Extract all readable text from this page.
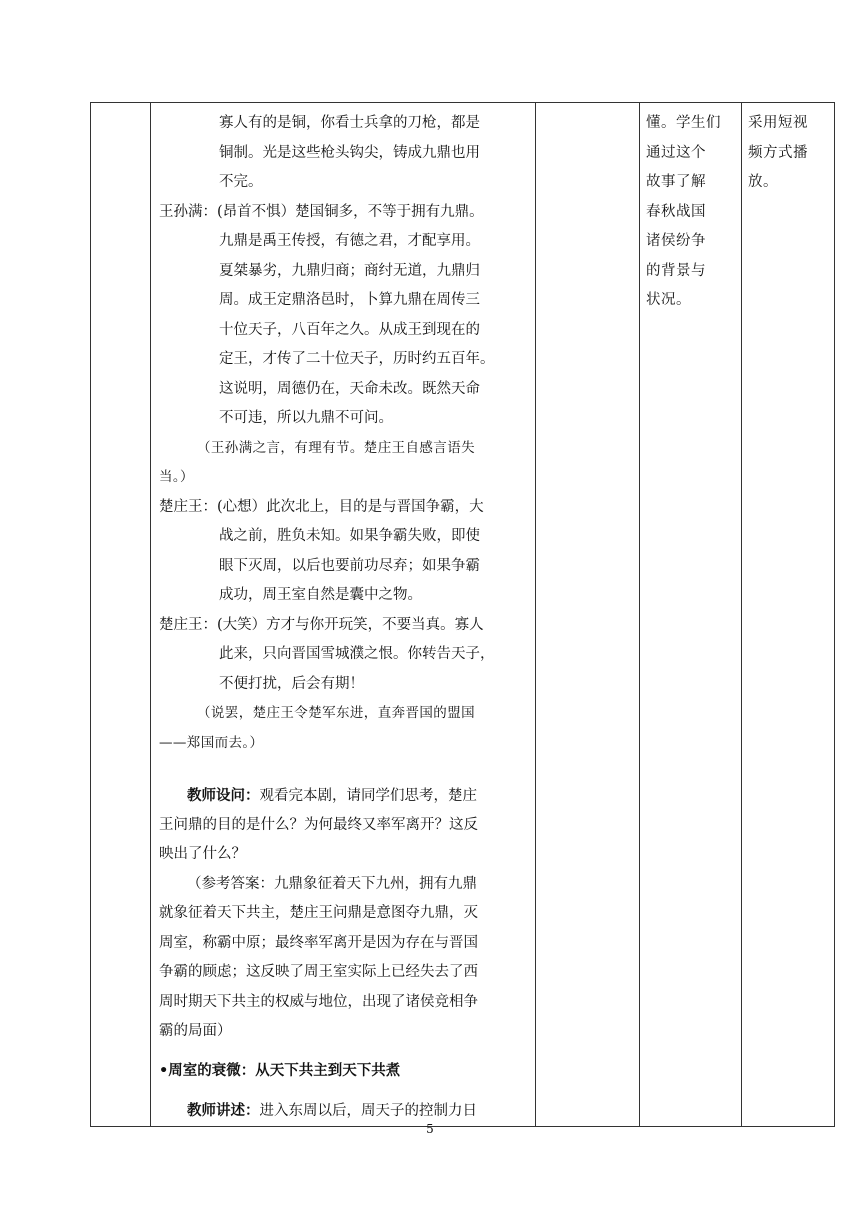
寡人有的是铜，你看士兵拿的刀枪，都是
铜制。光是这些枪头钩尖，铸成九鼎也用
不完。
王孙满：(昂首不惧）楚国铜多，不等于拥有九鼎。
九鼎是禹王传授，有德之君，才配享用。
夏桀暴劣，九鼎归商；商纣无道，九鼎归
周。成王定鼎洛邑时，卜算九鼎在周传三
十位天子，八百年之久。从成王到现在的
定王，才传了二十位天子，历时约五百年。
这说明，周德仍在，天命未改。既然天命
不可违，所以九鼎不可问。
（王孙满之言，有理有节。楚庄王自感言语失
当。）
楚庄王：(心想）此次北上，目的是与晋国争霸，大
战之前，胜负未知。如果争霸失败，即使
眼下灭周，以后也要前功尽弃；如果争霸
成功，周王室自然是囊中之物。
楚庄王：(大笑）方才与你开玩笑，不要当真。寡人
此来，只向晋国雪城濮之恨。你转告天子，
不便打扰，后会有期！
（说罢，楚庄王令楚军东进，直奔晋国的盟国
——郑国而去。）
教师设问：观看完本剧，请同学们思考，楚庄
王问鼎的目的是什么？为何最终又率军离开？这反
映出了什么？
（参考答案：九鼎象征着天下九州，拥有九鼎
就象征着天下共主，楚庄王问鼎是意图夺九鼎，灭
周室，称霸中原；最终率军离开是因为存在与晋国
争霸的顾虑；这反映了周王室实际上已经失去了西
周时期天下共主的权威与地位，出现了诸侯竞相争
霸的局面）
•周室的衰微：从天下共主到天下共煮
教师讲述：进入东周以后，周天子的控制力日

懂。学生们
通过这个
故事了解
春秋战国
诸侯纷争
的背景与
状况。

采用短视
频方式播
放。
5
